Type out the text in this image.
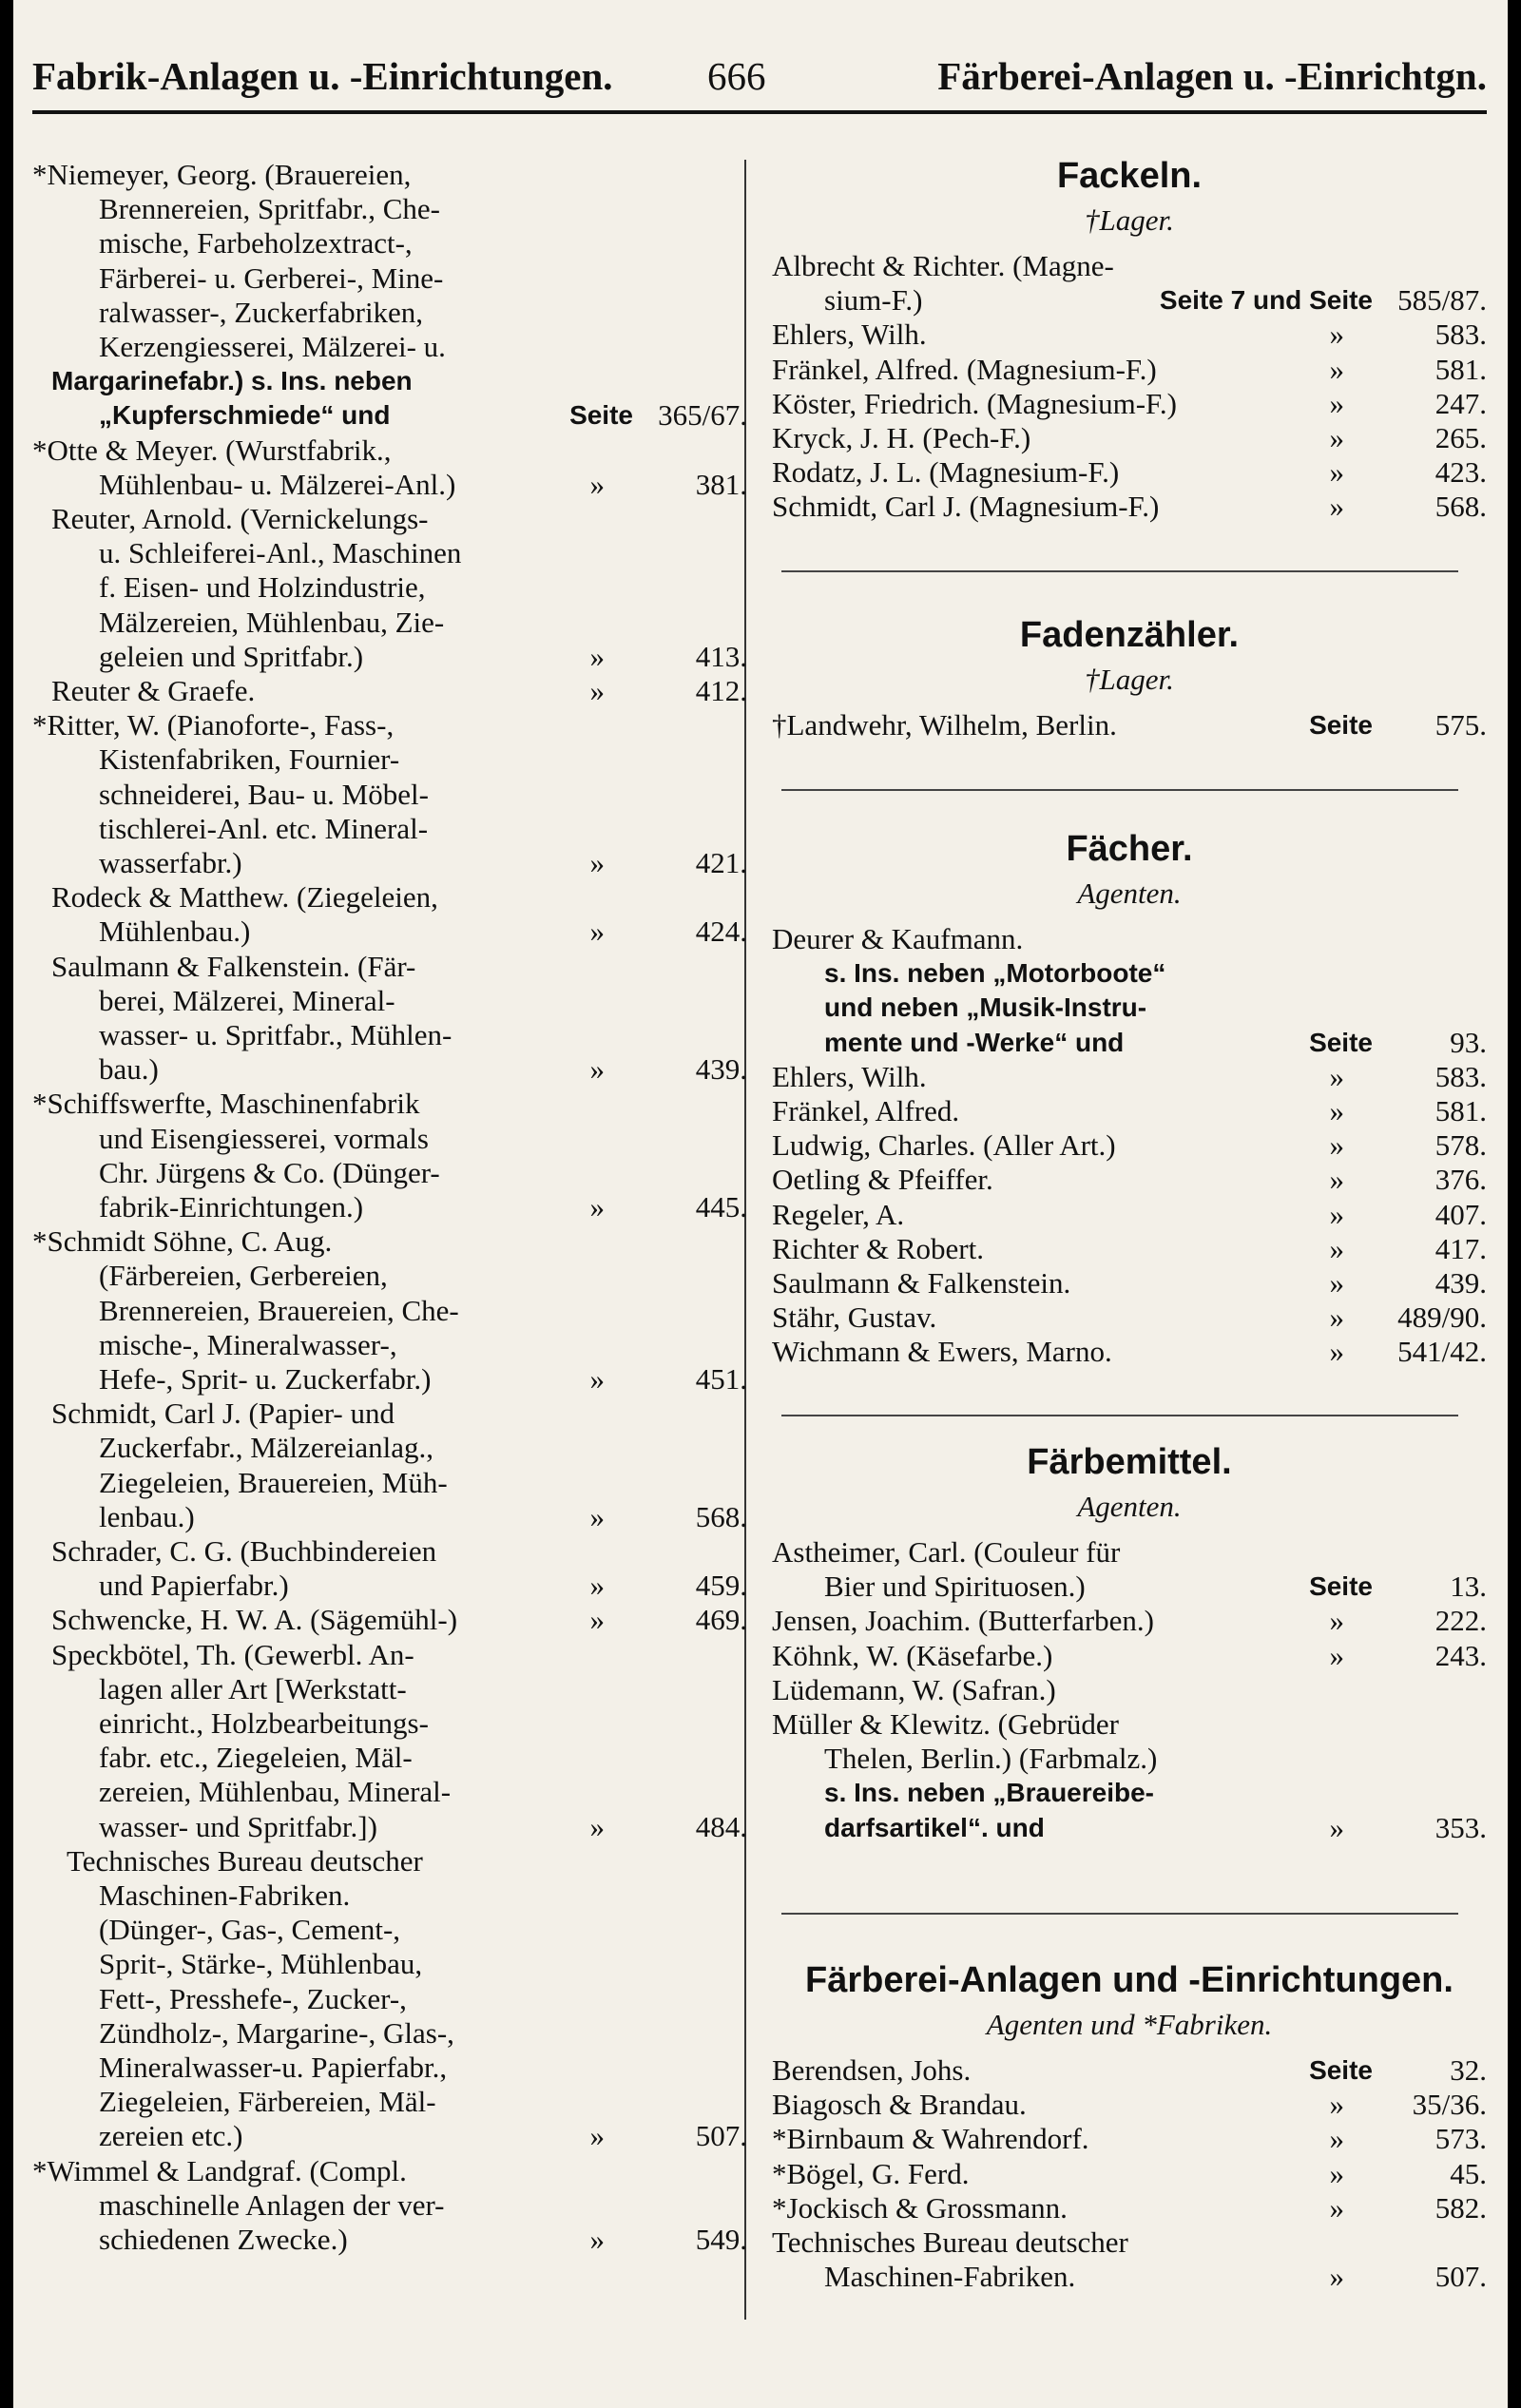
Fabrik-Anlagen u. -Einrichtungen. 666	Färberei-Anlagen u. -Einrichtgn.
*Niemeyer, Georg. (Brauereien,
Brennereien, Spritfabr., Che-
mische, Farbeholzextract-,
Färberei- u. Gerberei-, Mine-
ralwasser-, Zuckerfabriken,
Kerzengiesserei, Mälzerei- u.
Margarinefabr.) s. Ins. neben
„Kupferschmiede“ und	Seite 365/67.
*Otte & Meyer. (Wurstfabrik.,
Mühlenbau- u. Mälzerei-Anl.)	»	381.
Reuter, Arnold. (Vernickelungs-
u. Schleiferei-Anl., Maschinen
f. Eisen- und Holzindustrie,
Mälzereien, Mühlenbau, Zie-
geleien und Spritfabr.)	»	413.
Reuter & Graefe.	»	412.
*Ritter, W. (Pianoforte-, Fass-,
Kistenfabriken, Fournier-
schneiderei, Bau- u. Möbel-
tischlerei-Anl. etc. Mineral-
wasserfabr.)	»	421.
Rodeck & Matthew. (Ziegeleien,
Mühlenbau.)	»	424.
Saulmann & Falkenstein. (Fär-
berei, Mälzerei, Mineral-
wasser- u. Spritfabr., Mühlen-
bau.)	»	439.
*Schiffswerfte, Maschinenfabrik
und Eisengiesserei, vormals
Chr. Jürgens & Co. (Dünger-
fabrik-Einrichtungen.)	»	445.
*Schmidt Söhne, C. Aug.
(Färbereien, Gerbereien,
Brennereien, Brauereien, Che-
mische-, Mineralwasser-,
Hefe-, Sprit- u. Zuckerfabr.)	»	451.
Schmidt, Carl J. (Papier- und
Zuckerfabr., Mälzereianlag.,
Ziegeleien, Brauereien, Müh-
lenbau.)	»	568.
Schrader, C. G. (Buchbindereien
und Papierfabr.)	»	459.
Schwencke, H. W. A. (Sägemühl-)	»	469.
Speckbötel, Th. (Gewerbl. An-
lagen aller Art [Werkstatt-
einricht., Holzbearbeitungs-
fabr. etc., Ziegeleien, Mäl-
zereien, Mühlenbau, Mineral-
wasser- und Spritfabr.])	»	484.
Technisches Bureau deutscher
Maschinen-Fabriken.
(Dünger-, Gas-, Cement-,
Sprit-, Stärke-, Mühlenbau,
Fett-, Presshefe-, Zucker-,
Zündholz-, Margarine-, Glas-,
Mineralwasser-u. Papierfabr.,
Ziegeleien, Färbereien, Mäl-
zereien etc.)	»	507.
*Wimmel & Landgraf. (Compl.
maschinelle Anlagen der ver-
schiedenen Zwecke.)	»	549.
Fackeln.
†Lager.
Albrecht & Richter. (Magne-
sium-F.)	Seite 7 und Seite 585/87.
Ehlers, Wilh.	»	583.
Fränkel, Alfred. (Magnesium-F.)	»	581.
Köster, Friedrich. (Magnesium-F.)	»	247.
Kryck, J. H. (Pech-F.)	»	265.
Rodatz, J. L. (Magnesium-F.)	»	423.
Schmidt, Carl J. (Magnesium-F.)	»	568.
Fadenzähler.
†Lager.
†Landwehr, Wilhelm, Berlin.	Seite 575.
Fächer.
Agenten.
Deurer & Kaufmann.
s. Ins. neben „Motorboote“
und neben „Musik-Instru-
mente und -Werke“ und	Seite	93.
Ehlers, Wilh.	»	583.
Fränkel, Alfred.	»	581.
Ludwig, Charles. (Aller Art.)	»	578.
Oetling & Pfeiffer.	»	376.
Regeler, A.	»	407.
Richter & Robert.	»	417.
Saulmann & Falkenstein.	»	439.
Stähr, Gustav.	» 489/90.
Wichmann & Ewers, Marno.	» 541/42.
Färbemittel.
Agenten.
Astheimer, Carl. (Couleur für
Bier und Spirituosen.)	Seite	13.
Jensen, Joachim. (Butterfarben.)	»	222.
Köhnk, W. (Käsefarbe.)	»	243.
Lüdemann, W. (Safran.)
Müller & Klewitz. (Gebrüder
Thelen, Berlin.) (Farbmalz.)
s. Ins. neben „Brauereibe-
darfsartikel“. und	»	353.
Färberei-Anlagen und -Einrichtungen.
Agenten und *Fabriken.
Berendsen, Johs.	Seite	32.
Biagosch & Brandau.	» 35/36.
*Birnbaum & Wahrendorf.	»	573.
*Bögel, G. Ferd.	»	45.
*Jockisch & Grossmann.	»	582.
Technisches Bureau deutscher
Maschinen-Fabriken.	»	507.
